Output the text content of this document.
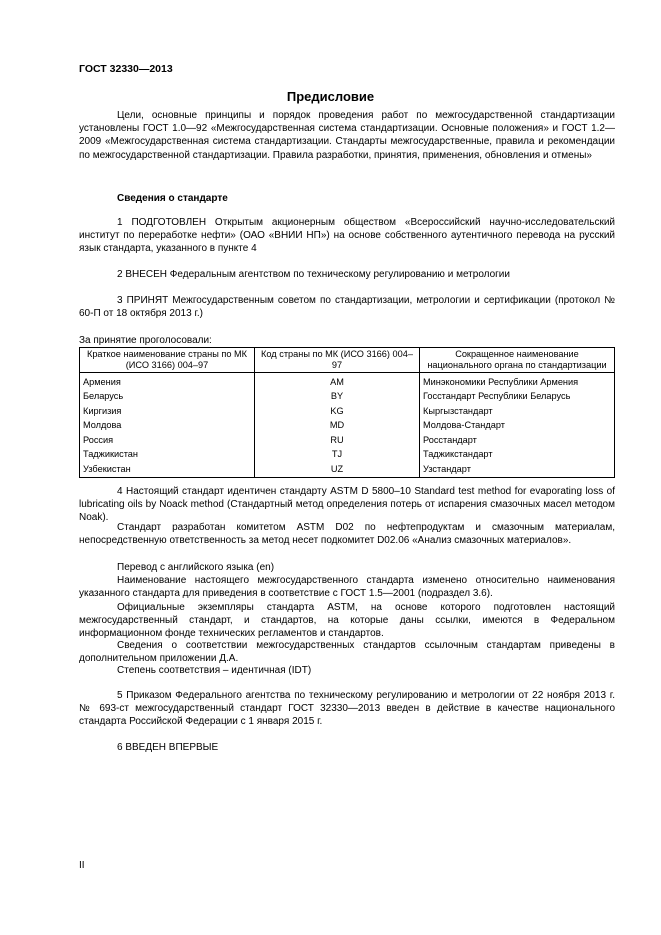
ГОСТ 32330—2013
Предисловие
Цели, основные принципы и порядок проведения работ по межгосударственной стандартизации установлены ГОСТ 1.0—92 «Межгосударственная система стандартизации. Основные положения» и ГОСТ 1.2—2009 «Межгосударственная система стандартизации. Стандарты межгосударственные, правила и рекомендации по межгосударственной стандартизации. Правила разработки, принятия, применения, обновления и отмены»
Сведения о стандарте
1 ПОДГОТОВЛЕН Открытым акционерным обществом «Всероссийский научно-исследовательский институт по переработке нефти» (ОАО «ВНИИ НП») на основе собственного аутентичного перевода на русский язык стандарта, указанного в пункте 4
2 ВНЕСЕН Федеральным агентством по техническому регулированию и метрологии
3 ПРИНЯТ Межгосударственным советом по стандартизации, метрологии и сертификации (протокол № 60-П от 18 октября 2013 г.)
За принятие проголосовали:
Краткое наименование страны по МК (ИСО 3166) 004–97	Код страны по МК (ИСО 3166) 004–97	Сокращенное наименование национального органа по стандартизации
Армения	AM	Минэкономики Республики Армения
Беларусь	BY	Госстандарт Республики Беларусь
Киргизия	KG	Кыргызстандарт
Молдова	MD	Молдова-Стандарт
Россия	RU	Росстандарт
Таджикистан	TJ	Таджикстандарт
Узбекистан	UZ	Узстандарт
4 Настоящий стандарт идентичен стандарту ASTM D 5800–10 Standard test method for evaporating loss of lubricating oils by Noack method (Стандартный метод определения потерь от испарения смазочных масел методом Noak).
Стандарт разработан комитетом ASTM D02 по нефтепродуктам и смазочным материалам, непосредственную ответственность за метод несет подкомитет D02.06 «Анализ смазочных материалов».
Перевод с английского языка (en)
Наименование настоящего межгосударственного стандарта изменено относительно наименования указанного стандарта для приведения в соответствие с ГОСТ 1.5—2001 (подраздел 3.6).
Официальные экземпляры стандарта ASTM, на основе которого подготовлен настоящий межгосударственный стандарт, и стандартов, на которые даны ссылки, имеются в Федеральном информационном фонде технических регламентов и стандартов.
Сведения о соответствии межгосударственных стандартов ссылочным стандартам приведены в дополнительном приложении Д.А.
Степень соответствия – идентичная (IDT)
5 Приказом Федерального агентства по техническому регулированию и метрологии от 22 ноября 2013 г. № 693-ст межгосударственный стандарт ГОСТ 32330—2013 введен в действие в качестве национального стандарта Российской Федерации с 1 января 2015 г.
6 ВВЕДЕН ВПЕРВЫЕ
II
